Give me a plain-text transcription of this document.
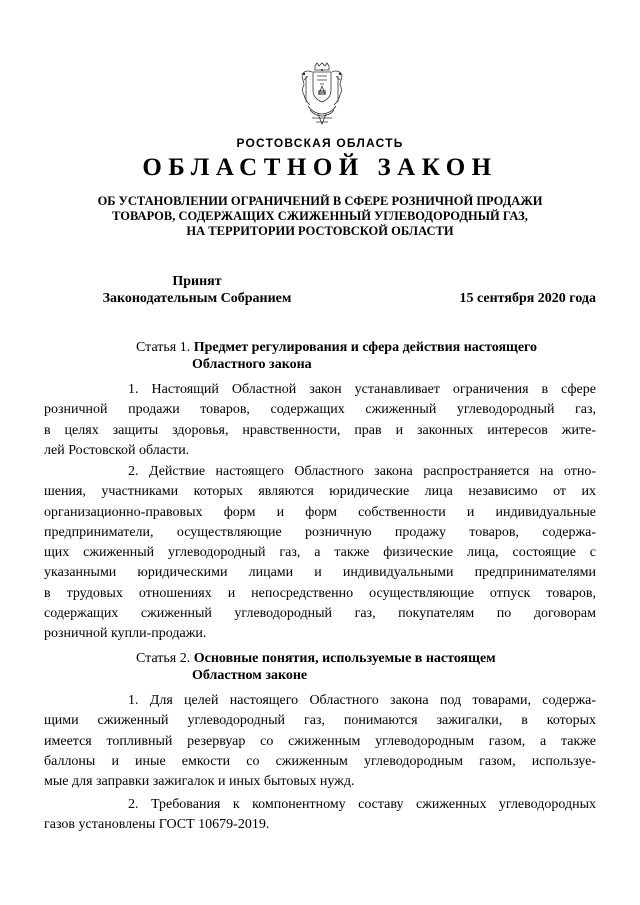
РОСТОВСКАЯ ОБЛАСТЬ
ОБЛАСТНОЙ ЗАКОН
ОБ УСТАНОВЛЕНИИ ОГРАНИЧЕНИЙ В СФЕРЕ РОЗНИЧНОЙ ПРОДАЖИ
ТОВАРОВ, СОДЕРЖАЩИХ СЖИЖЕННЫЙ УГЛЕВОДОРОДНЫЙ ГАЗ,
НА ТЕРРИТОРИИ РОСТОВСКОЙ ОБЛАСТИ
Принят
Законодательным Собранием	15 сентября 2020 года
Статья 1. Предмет регулирования и сфера действия настоящего
Областного закона
1. Настоящий Областной закон устанавливает ограничения в сфере
розничной продажи товаров, содержащих сжиженный углеводородный газ,
в целях защиты здоровья, нравственности, прав и законных интересов жите-
лей Ростовской области.
2. Действие настоящего Областного закона распространяется на отно-
шения, участниками которых являются юридические лица независимо от их
организационно-правовых форм и форм собственности и индивидуальные
предприниматели, осуществляющие розничную продажу товаров, содержа-
щих сжиженный углеводородный газ, а также физические лица, состоящие с
указанными юридическими лицами и индивидуальными предпринимателями
в трудовых отношениях и непосредственно осуществляющие отпуск товаров,
содержащих сжиженный углеводородный газ, покупателям по договорам
розничной купли-продажи.
Статья 2. Основные понятия, используемые в настоящем
Областном законе
1. Для целей настоящего Областного закона под товарами, содержа-
щими сжиженный углеводородный газ, понимаются зажигалки, в которых
имеется топливный резервуар со сжиженным углеводородным газом, а также
баллоны и иные емкости со сжиженным углеводородным газом, используе-
мые для заправки зажигалок и иных бытовых нужд.
2. Требования к компонентному составу сжиженных углеводородных
газов установлены ГОСТ 10679-2019.
